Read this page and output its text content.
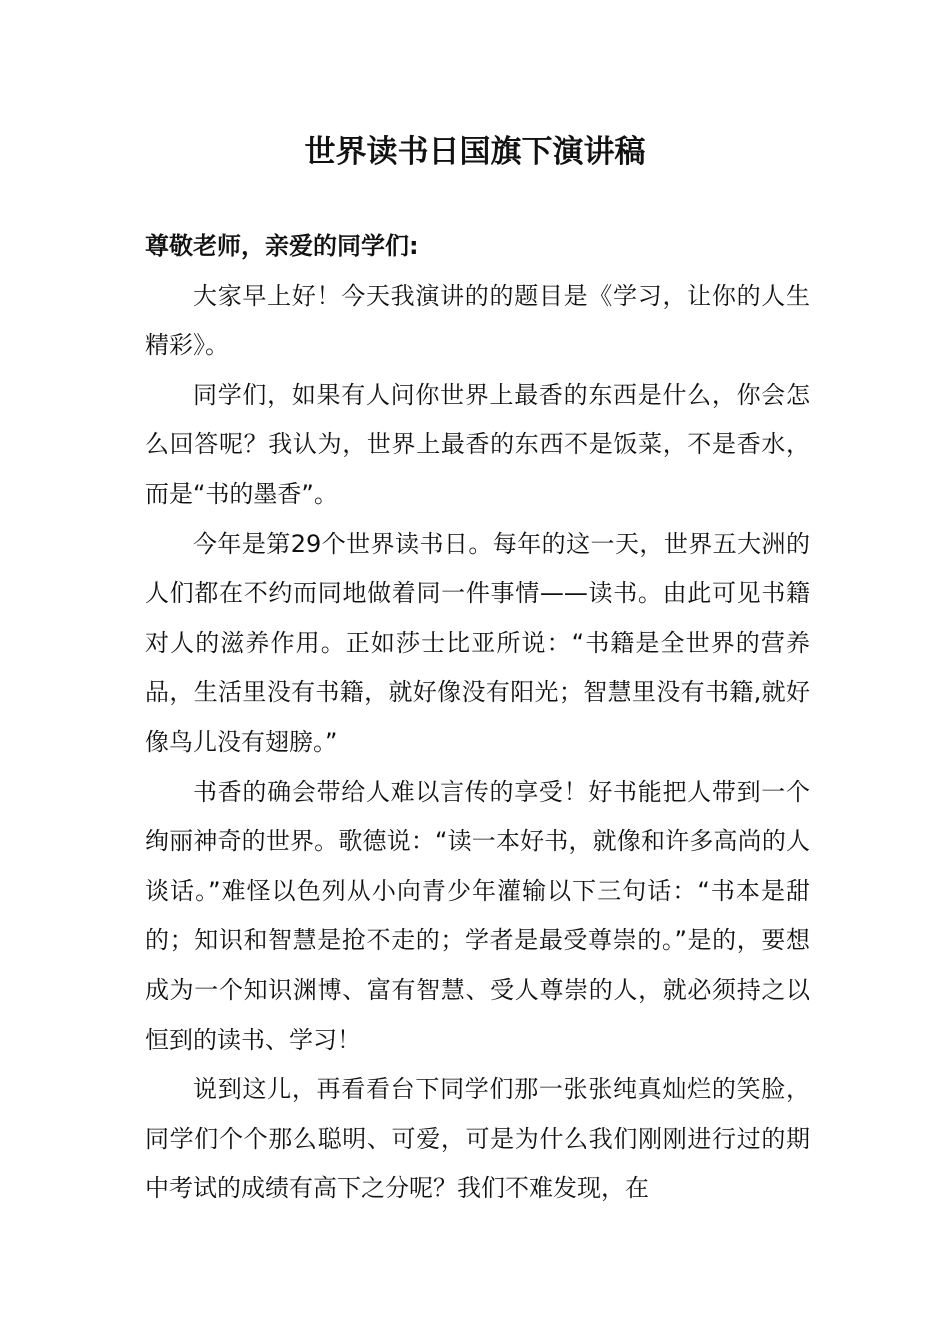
世界读书日国旗下演讲稿

尊敬老师，亲爱的同学们:

大家早上好！今天我演讲的的题目是《学习，让你的人生精彩》。

同学们，如果有人问你世界上最香的东西是什么，你会怎么回答呢？我认为，世界上最香的东西不是饭菜，不是香水，而是“书的墨香”。

今年是第29个世界读书日。每年的这一天，世界五大洲的人们都在不约而同地做着同一件事情——读书。由此可见书籍对人的滋养作用。正如莎士比亚所说：“书籍是全世界的营养品，生活里没有书籍，就好像没有阳光；智慧里没有书籍,就好像鸟儿没有翅膀。”

书香的确会带给人难以言传的享受！好书能把人带到一个绚丽神奇的世界。歌德说：“读一本好书，就像和许多高尚的人谈话。”难怪以色列从小向青少年灌输以下三句话：“书本是甜的；知识和智慧是抢不走的；学者是最受尊崇的。”是的，要想成为一个知识渊博、富有智慧、受人尊崇的人，就必须持之以恒到的读书、学习！

说到这儿，再看看台下同学们那一张张纯真灿烂的笑脸，同学们个个那么聪明、可爱，可是为什么我们刚刚进行过的期中考试的成绩有高下之分呢？我们不难发现，在
